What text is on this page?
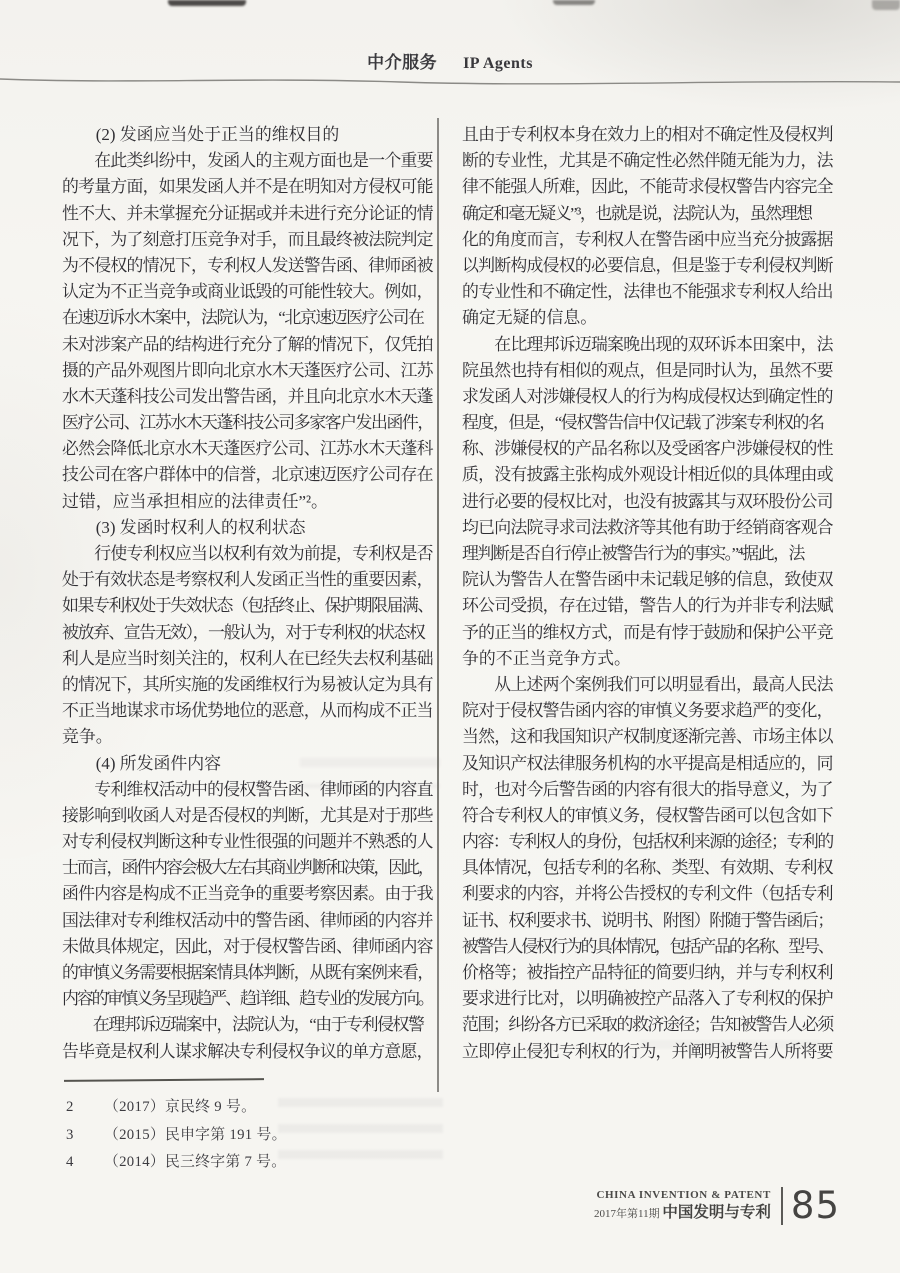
中介服务 IP Agents
　　(2) 发函应当处于正当的维权目的
　　在此类纠纷中，发函人的主观方面也是一个重要
的考量方面，如果发函人并不是在明知对方侵权可能
性不大、并未掌握充分证据或并未进行充分论证的情
况下，为了刻意打压竞争对手，而且最终被法院判定
为不侵权的情况下，专利权人发送警告函、律师函被
认定为不正当竞争或商业诋毁的可能性较大。例如，
在速迈诉水木案中，法院认为，“北京速迈医疗公司在
未对涉案产品的结构进行充分了解的情况下，仅凭拍
摄的产品外观图片即向北京水木天蓬医疗公司、江苏
水木天蓬科技公司发出警告函，并且向北京水木天蓬
医疗公司、江苏水木天蓬科技公司多家客户发出函件，
必然会降低北京水木天蓬医疗公司、江苏水木天蓬科
技公司在客户群体中的信誉，北京速迈医疗公司存在
过错，应当承担相应的法律责任”²。
　　(3) 发函时权利人的权利状态
　　行使专利权应当以权利有效为前提，专利权是否
处于有效状态是考察权利人发函正当性的重要因素，
如果专利权处于失效状态（包括终止、保护期限届满、
被放弃、宣告无效），一般认为，对于专利权的状态权
利人是应当时刻关注的，权利人在已经失去权利基础
的情况下，其所实施的发函维权行为易被认定为具有
不正当地谋求市场优势地位的恶意，从而构成不正当
竞争。
　　(4) 所发函件内容
　　专利维权活动中的侵权警告函、律师函的内容直
接影响到收函人对是否侵权的判断，尤其是对于那些
对专利侵权判断这种专业性很强的问题并不熟悉的人
士而言，函件内容会极大左右其商业判断和决策，因此，
函件内容是构成不正当竞争的重要考察因素。由于我
国法律对专利维权活动中的警告函、律师函的内容并
未做具体规定，因此，对于侵权警告函、律师函内容
的审慎义务需要根据案情具体判断，从既有案例来看，
内容的审慎义务呈现趋严、趋详细、趋专业的发展方向。
　　在理邦诉迈瑞案中，法院认为，“由于专利侵权警
告毕竟是权利人谋求解决专利侵权争议的单方意愿，
且由于专利权本身在效力上的相对不确定性及侵权判
断的专业性，尤其是不确定性必然伴随无能为力，法
律不能强人所难，因此，不能苛求侵权警告内容完全
确定和毫无疑义”³，也就是说，法院认为，虽然理想
化的角度而言，专利权人在警告函中应当充分披露据
以判断构成侵权的必要信息，但是鉴于专利侵权判断
的专业性和不确定性，法律也不能强求专利权人给出
确定无疑的信息。
　　在比理邦诉迈瑞案晚出现的双环诉本田案中，法
院虽然也持有相似的观点，但是同时认为，虽然不要
求发函人对涉嫌侵权人的行为构成侵权达到确定性的
程度，但是，“侵权警告信中仅记载了涉案专利权的名
称、涉嫌侵权的产品名称以及受函客户涉嫌侵权的性
质，没有披露主张构成外观设计相近似的具体理由或
进行必要的侵权比对，也没有披露其与双环股份公司
均已向法院寻求司法救济等其他有助于经销商客观合
理判断是否自行停止被警告行为的事实。”⁴据此，法
院认为警告人在警告函中未记载足够的信息，致使双
环公司受损，存在过错，警告人的行为并非专利法赋
予的正当的维权方式，而是有悖于鼓励和保护公平竞
争的不正当竞争方式。
　　从上述两个案例我们可以明显看出，最高人民法
院对于侵权警告函内容的审慎义务要求趋严的变化，
当然，这和我国知识产权制度逐渐完善、市场主体以
及知识产权法律服务机构的水平提高是相适应的，同
时，也对今后警告函的内容有很大的指导意义，为了
符合专利权人的审慎义务，侵权警告函可以包含如下
内容：专利权人的身份，包括权利来源的途径；专利的
具体情况，包括专利的名称、类型、有效期、专利权
利要求的内容，并将公告授权的专利文件（包括专利
证书、权利要求书、说明书、附图）附随于警告函后；
被警告人侵权行为的具体情况，包括产品的名称、型号、
价格等；被指控产品特征的简要归纳，并与专利权利
要求进行比对，以明确被控产品落入了专利权的保护
范围；纠纷各方已采取的救济途径；告知被警告人必须
立即停止侵犯专利权的行为，并阐明被警告人所将要
2	（2017）京民终 9 号。
3	（2015）民申字第 191 号。
4	（2014）民三终字第 7 号。
CHINA INVENTION & PATENT
2017年第11期 中国发明与专利 85
